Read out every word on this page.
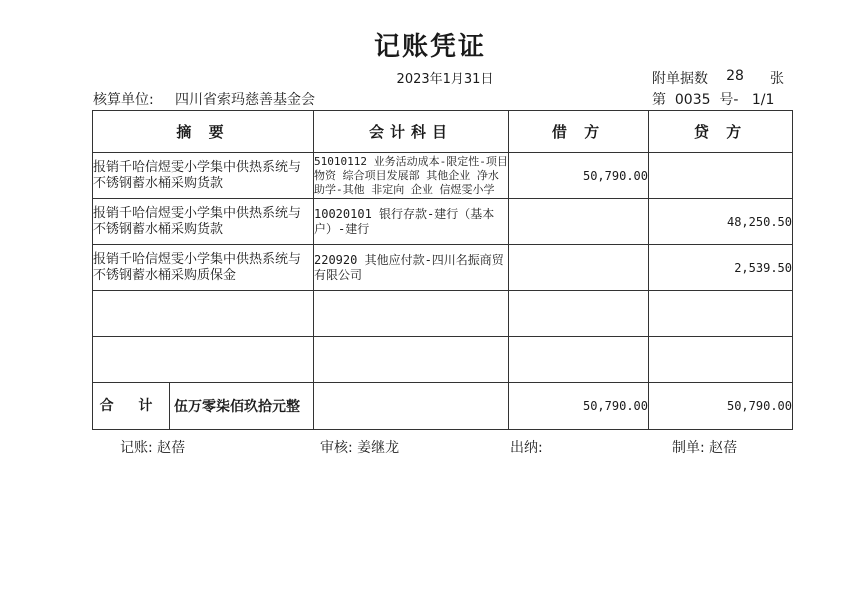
记账凭证
2023年1月31日	附单据数 28 张
核算单位: 四川省索玛慈善基金会	第  0035  号-   1/1
摘 要	会计科目	借 方	贷 方
报销千哈信煜雯小学集中供热系统与不锈钢蓄水桶采购货款	51010112 业务活动成本-限定性-项目物资 综合项目发展部 其他企业 净水助学-其他 非定向 企业 信煜雯小学	50,790.00	
报销千哈信煜雯小学集中供热系统与不锈钢蓄水桶采购货款	10020101 银行存款-建行（基本户）-建行		48,250.50
报销千哈信煜雯小学集中供热系统与不锈钢蓄水桶采购质保金	220920 其他应付款-四川名振商贸有限公司		2,539.50

合 计 伍万零柒佰玖拾元整		50,790.00	50,790.00
记账: 赵蓓	审核: 姜继龙	出纳:	制单: 赵蓓
